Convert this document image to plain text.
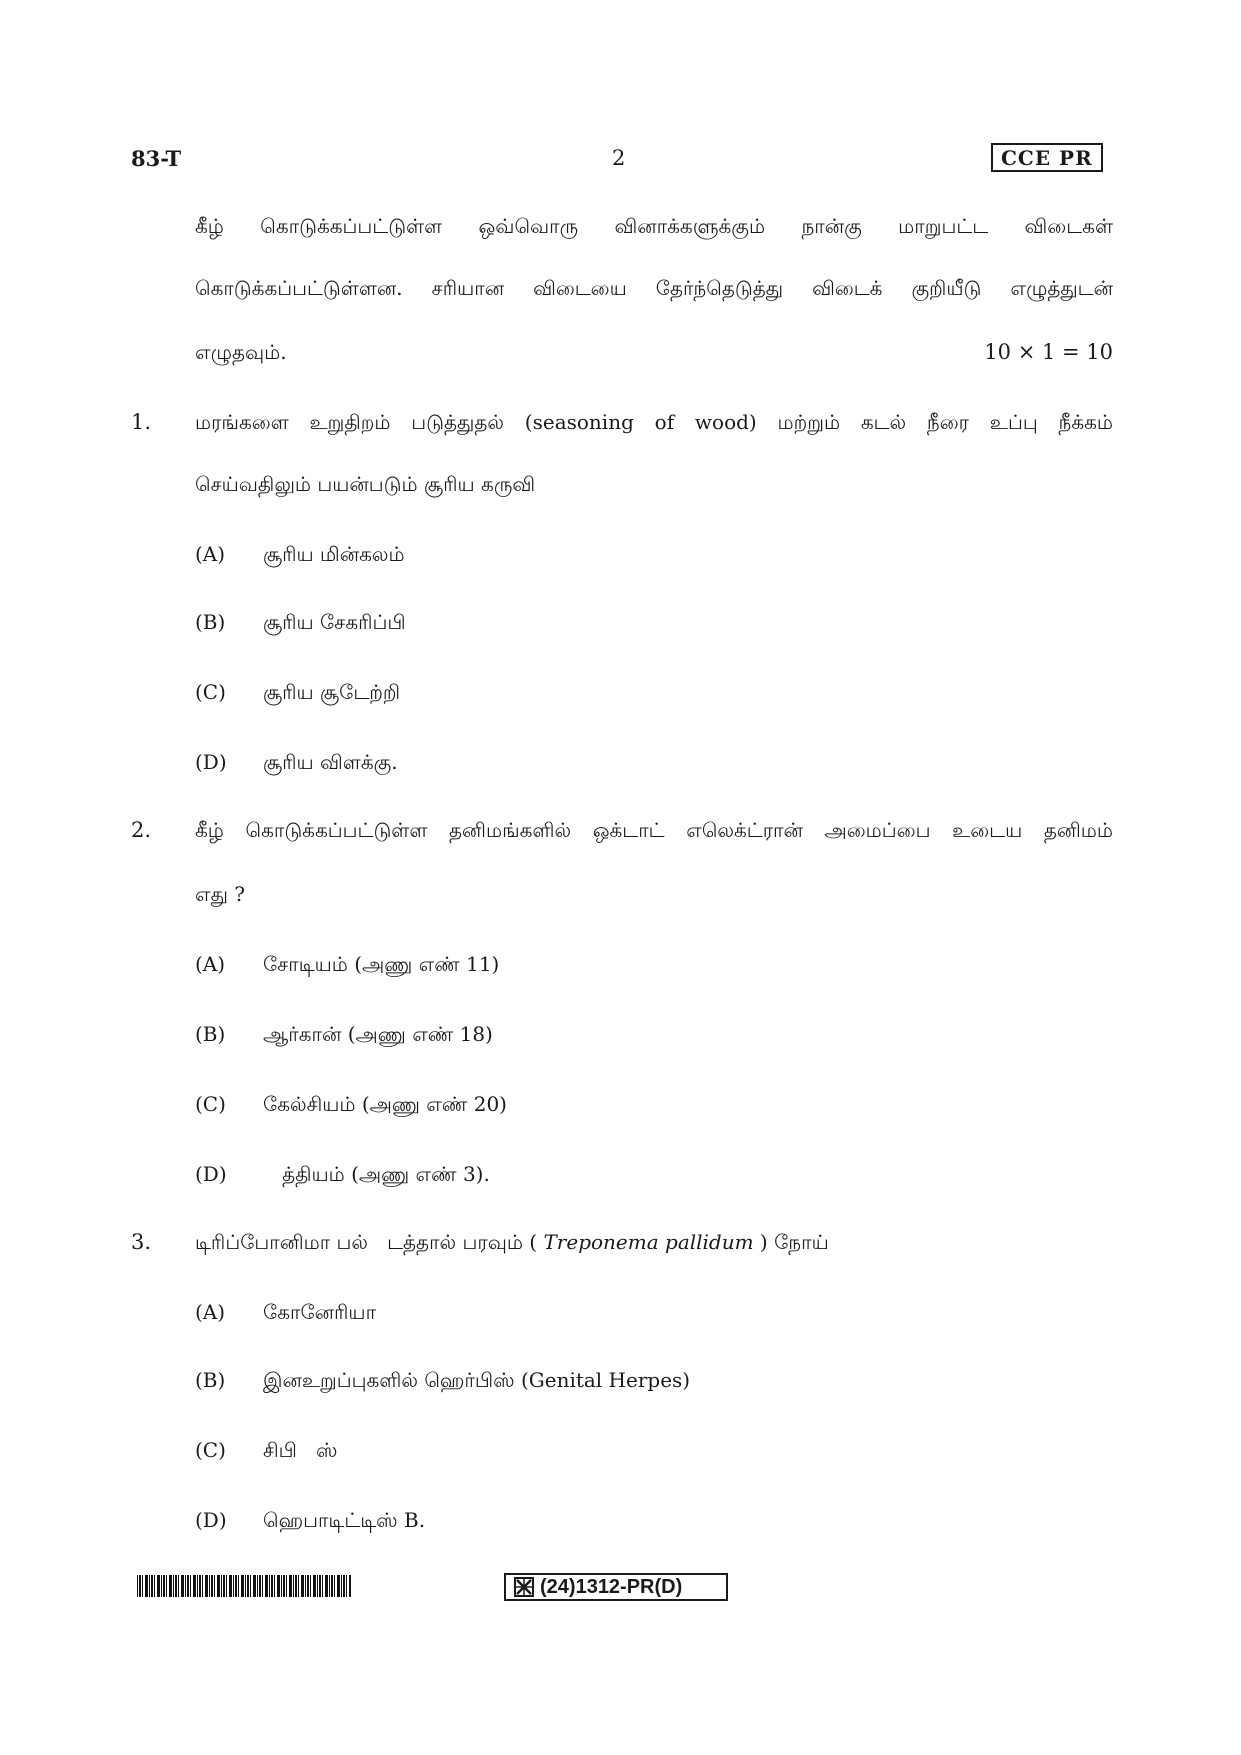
83-T	2	CCE PR
கீழ் கொடுக்கப்பட்டுள்ள ஒவ்வொரு வினாக்களுக்கும் நான்கு மாறுபட்ட விடைகள்
கொடுக்கப்பட்டுள்ளன. சரியான விடையை தேர்ந்தெடுத்து விடைக் குறியீடு எழுத்துடன்
எழுதவும்.	10 × 1 = 10
1. மரங்களை உறுதிறம் படுத்துதல் (seasoning of wood) மற்றும் கடல் நீரை உப்பு நீக்கம்
செய்வதிலும் பயன்படும் சூரிய கருவி
(A) சூரிய மின்கலம்
(B) சூரிய சேகரிப்பி
(C) சூரிய சூடேற்றி
(D) சூரிய விளக்கு.
2. கீழ் கொடுக்கப்பட்டுள்ள தனிமங்களில் ஒக்டாட் எலெக்ட்ரான் அமைப்பை உடைய தனிமம்
எது ?
(A) சோடியம் (அணு எண் 11)
(B) ஆர்கான் (அணு எண் 18)
(C) கேல்சியம் (அணு எண் 20)
(D) த்தியம் (அணு எண் 3).
3. டிரிப்போனிமா பல்   டத்தால் பரவும் ( Treponema pallidum ) நோய்
(A) கோனேரியா
(B) இனஉறுப்புகளில் ஹெர்பிஸ் (Genital Herpes)
(C) சிபி   ஸ்
(D) ஹெபாடிட்டிஸ் B.
(24)1312-PR(D)
